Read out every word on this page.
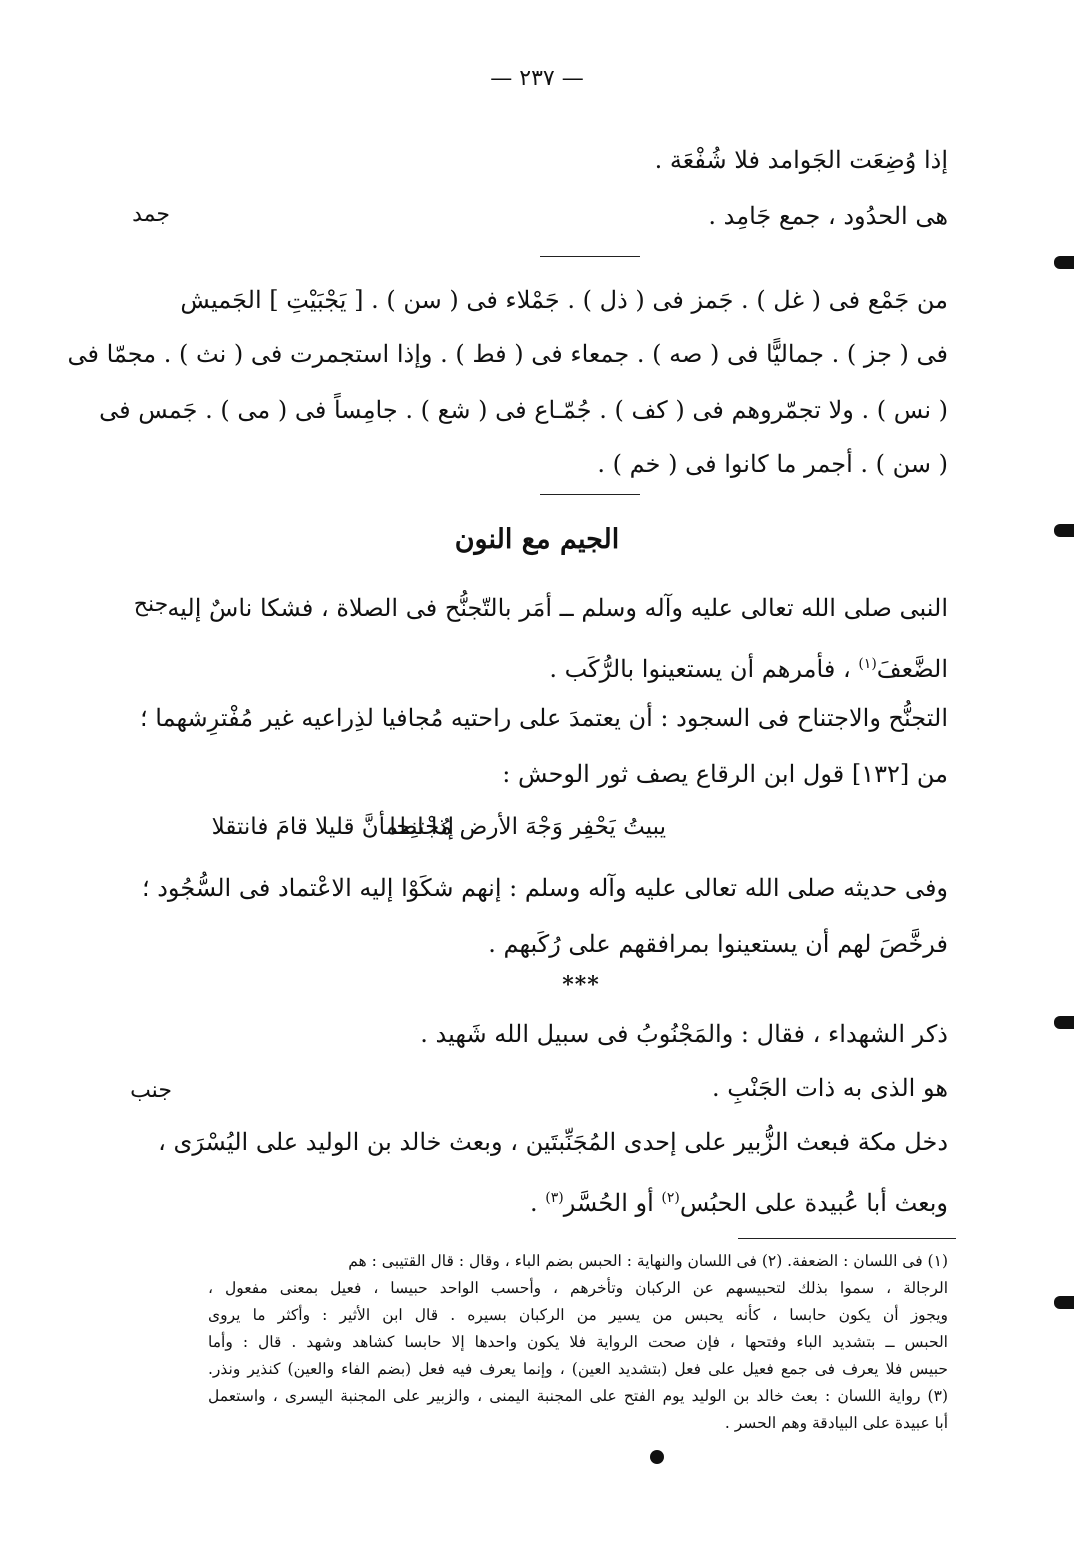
— ٢٣٧ —
إذا وُضِعَت الجَوامد فلا شُفْعَة .
هى الحدُود ، جمع جَامِد .
جمد
من جَمْع فى ( غل ) . جَمز فى ( ذل ) . جَمْلاء فى ( سن ) . [ يَجْبَيْتِ ] الجَميش
فى ( جز ) . جماليًّا فى ( صه ) . جمعاء فى ( فط ) . وإذا استجمرت فى ( نث ) . مجمّا فى
( نس ) . ولا تجمّروهم فى ( كف ) . جُمّـاع فى ( شع ) . جامِساً فى ( مى ) . جَمس فى
( سن ) . أجمر ما كانوا فى ( خم ) .
الجيم مع النون
جنح النبى صلى الله تعالى عليه وآله وسلم ــ أمَر بالتّجنُّح فى الصلاة ، فشكا ناسٌ إليه
الضَّعفَ$^{(١)}$ ، فأمرهم أن يستعينوا بالرُّكَب .
التجنُّح والاجتناح فى السجود : أن يعتمدَ على راحتيه مُجافيا لذِراعيه غير مُفْترِشهما ؛
من [١٣٢] قول ابن الرقاع يصف ثور الوحش :
يبيتُ يَحْفِر وَجْهَ الأرض مُجْتنِحا
إذا اطمأنَّ قليلا قامَ فانتقلا
وفى حديثه صلى الله تعالى عليه وآله وسلم : إنهم شكَوْا إليه الاعْتماد فى السُّجُود ؛
فرخَّصَ لهم أن يستعينوا بمرافقهم على رُكَبهم .
***
ذكر الشهداء ، فقال : والمَجْنُوبُ فى سبيل الله شَهيد .
جنب	هو الذى به ذات الجَنْبِ .
دخل مكة فبعث الزُّبير على إحدى المُجَنِّبتَين ، وبعث خالد بن الوليد على اليُسْرَى ،
وبعث أبا عُبيدة على الحبُس$^{(٢)}$ أو الحُسَّر$^{(٣)}$ .
(١) فى اللسان : الضعفة. (٢) فى اللسان والنهاية : الحبس بضم الباء ، وقال : قال القتيبى : هم
الرجالة ، سموا بذلك لتحبيسهم عن الركبان وتأخرهم ، وأحسب الواحد حبيسا ، فعيل بمعنى مفعول ،
ويجوز أن يكون حابسا ، كأنه يحبس من يسير من الركبان بسيره . قال ابن الأثير : وأكثر ما يروى
الحبس ــ بتشديد الباء وفتحها ، فإن صحت الرواية فلا يكون واحدها إلا حابسا كشاهد وشهد . قال : وأما
حبيس فلا يعرف فى جمع فعيل على فعل (بتشديد العين) ، وإنما يعرف فيه فعل (بضم الفاء والعين) كنذير ونذر.
(٣) رواية اللسان : بعث خالد بن الوليد يوم الفتح على المجنبة اليمنى ، والزبير على المجنبة اليسرى ، واستعمل
أبا عبيدة على البيادقة وهم الحسر .
